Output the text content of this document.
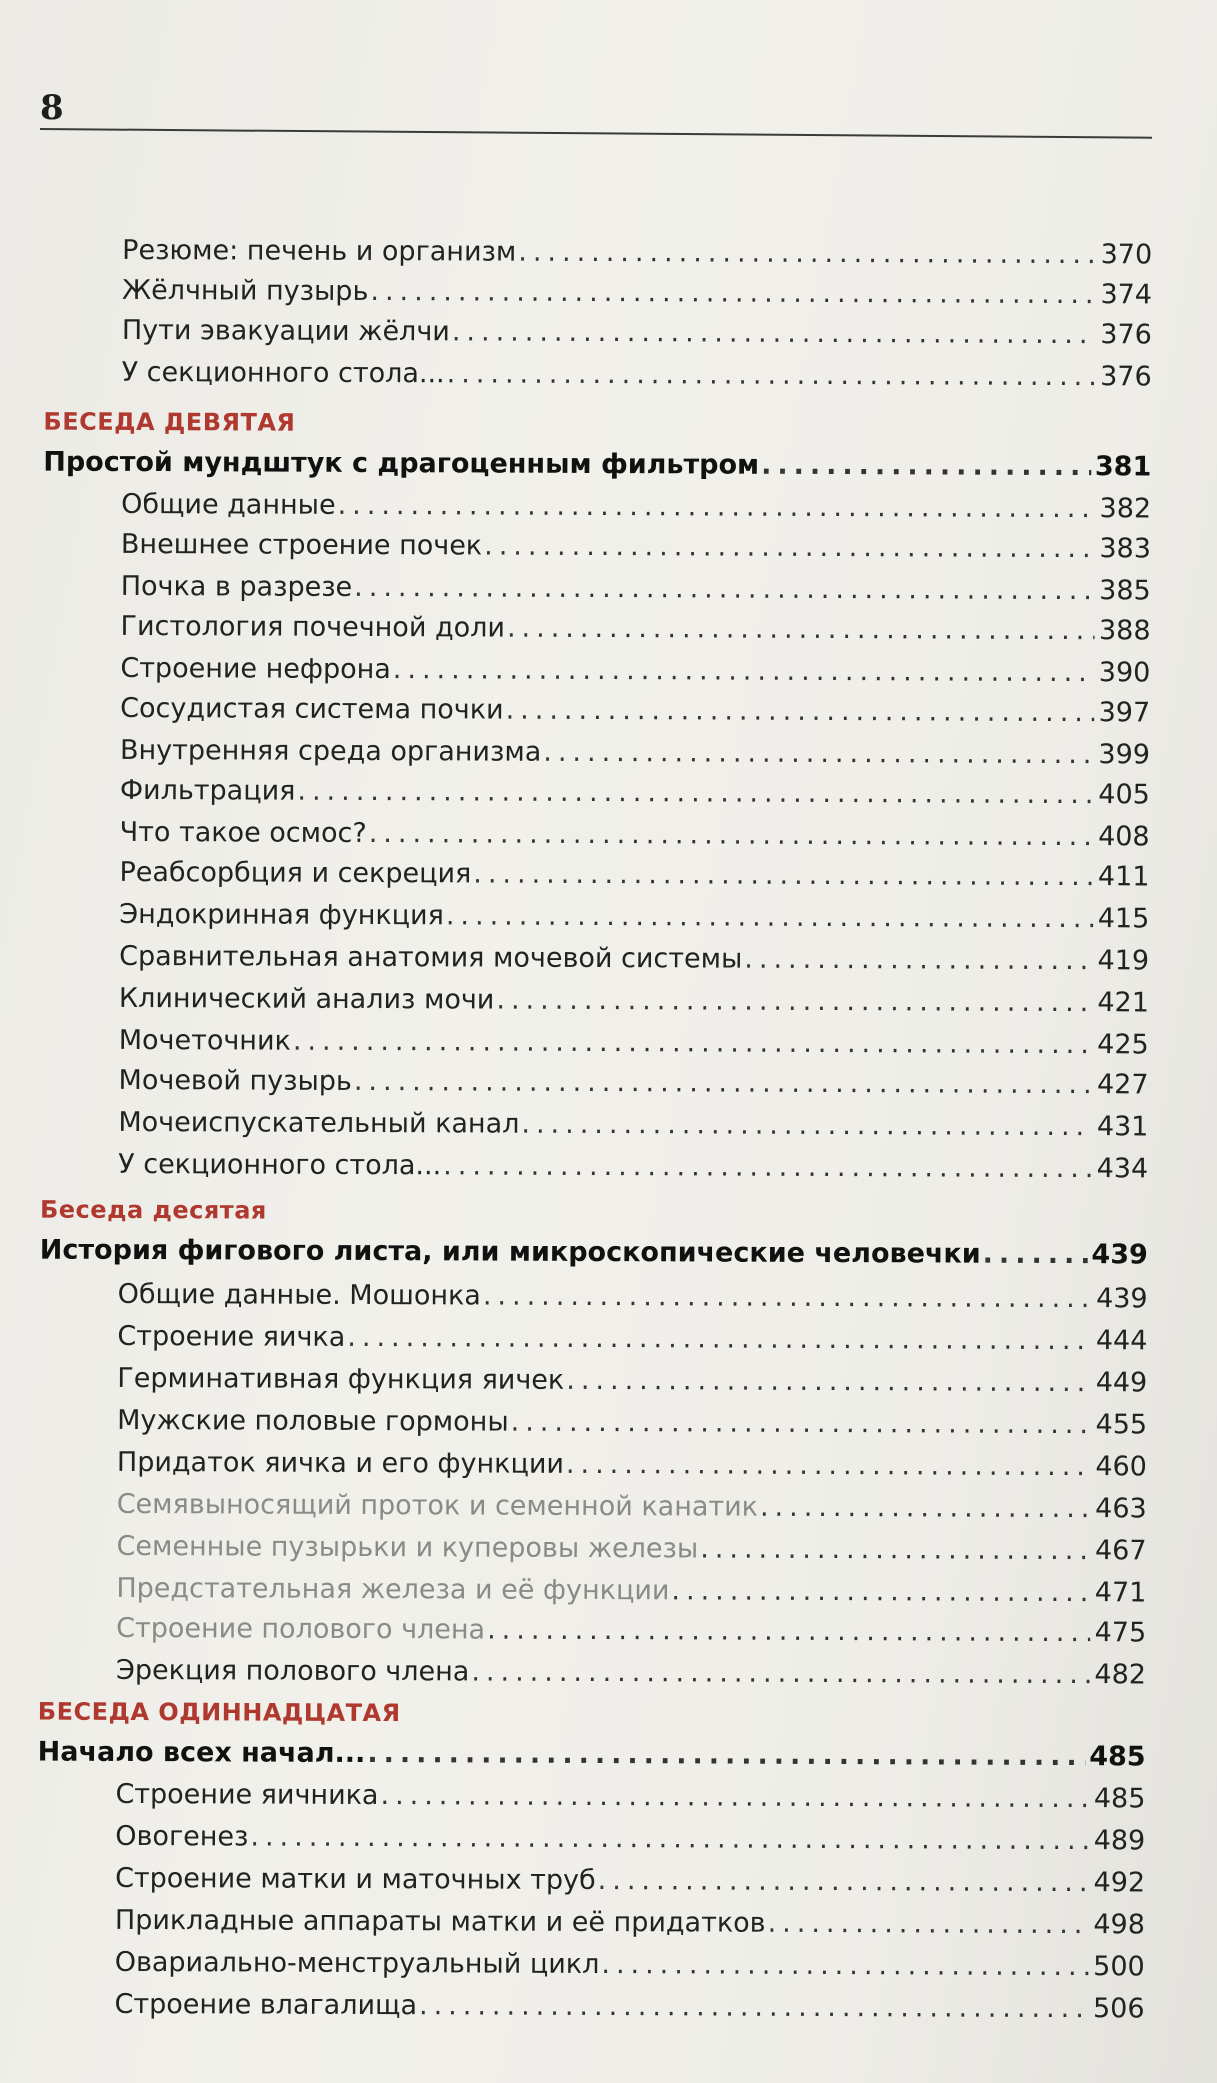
8
Резюме: печень и организм .....	370
Жёлчный пузырь .....	374
Пути эвакуации жёлчи .....	376
У секционного стола... .....	376
БЕСЕДА ДЕВЯТАЯ
Простой мундштук с драгоценным фильтром .....	381
Общие данные .....	382
Внешнее строение почек .....	383
Почка в разрезе .....	385
Гистология почечной доли .....	388
Строение нефрона .....	390
Сосудистая система почки .....	397
Внутренняя среда организма .....	399
Фильтрация .....	405
Что такое осмос? .....	408
Реабсорбция и секреция .....	411
Эндокринная функция .....	415
Сравнительная анатомия мочевой системы .....	419
Клинический анализ мочи .....	421
Мочеточник .....	425
Мочевой пузырь .....	427
Мочеиспускательный канал .....	431
У секционного стола... .....	434
Беседа десятая
История фигового листа, или микроскопические человечки .....	439
Общие данные. Мошонка .....	439
Строение яичка .....	444
Герминативная функция яичек .....	449
Мужские половые гормоны .....	455
Придаток яичка и его функции .....	460
Семявыносящий проток и семенной канатик .....	463
Семенные пузырьки и куперовы железы .....	467
Предстательная железа и её функции .....	471
Строение полового члена .....	475
Эрекция полового члена .....	482
БЕСЕДА ОДИННАДЦАТАЯ
Начало всех начал... .....	485
Строение яичника .....	485
Овогенез .....	489
Строение матки и маточных труб .....	492
Прикладные аппараты матки и её придатков .....	498
Овариально-менструальный цикл .....	500
Строение влагалища .....	506
